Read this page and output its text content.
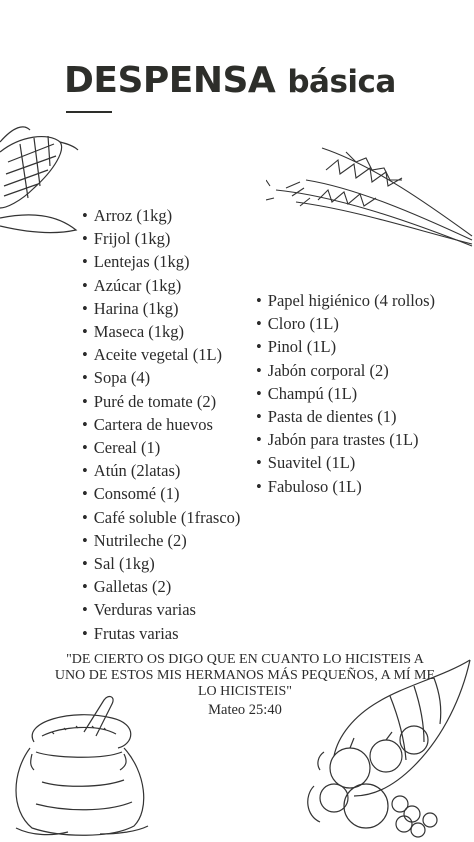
DESPENSA básica
• Arroz (1kg)
• Frijol (1kg)
• Lentejas (1kg)
• Azúcar (1kg)
• Harina (1kg)
• Maseca (1kg)
• Aceite vegetal (1L)
• Sopa (4)
• Puré de tomate (2)
• Cartera de huevos
• Cereal (1)
• Atún (2latas)
• Consomé (1)
• Café soluble (1frasco)
• Nutrileche (2)
• Sal (1kg)
• Galletas (2)
• Verduras varias
• Frutas varias
• Papel higiénico (4 rollos)
• Cloro (1L)
• Pinol (1L)
• Jabón corporal (2)
• Champú (1L)
• Pasta de dientes (1)
• Jabón para trastes (1L)
• Suavitel (1L)
• Fabuloso (1L)
"DE CIERTO OS DIGO QUE EN CUANTO LO HICISTEIS A UNO DE ESTOS MIS HERMANOS MÁS PEQUEÑOS, A MÍ ME LO HICISTEIS"
Mateo 25:40
